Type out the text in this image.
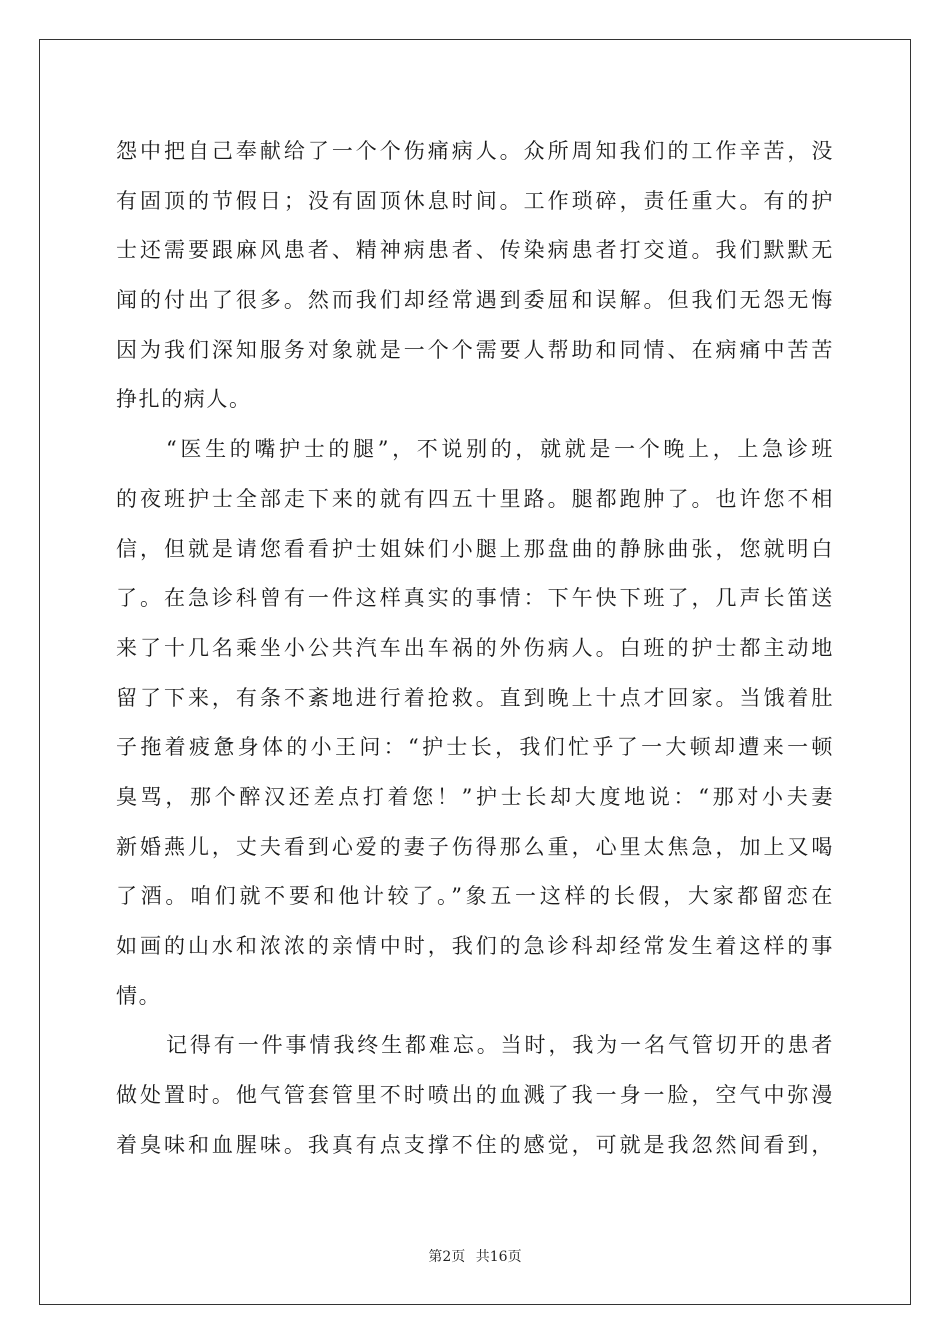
怨中把自己奉献给了一个个伤痛病人。众所周知我们的工作辛苦，没
有固顶的节假日；没有固顶休息时间。工作琐碎，责任重大。有的护
士还需要跟麻风患者、精神病患者、传染病患者打交道。我们默默无
闻的付出了很多。然而我们却经常遇到委屈和误解。但我们无怨无悔
因为我们深知服务对象就是一个个需要人帮助和同情、在病痛中苦苦
挣扎的病人。
“医生的嘴护士的腿”，不说别的，就就是一个晚上，上急诊班
的夜班护士全部走下来的就有四五十里路。腿都跑肿了。也许您不相
信，但就是请您看看护士姐妹们小腿上那盘曲的静脉曲张，您就明白
了。在急诊科曾有一件这样真实的事情：下午快下班了，几声长笛送
来了十几名乘坐小公共汽车出车祸的外伤病人。白班的护士都主动地
留了下来，有条不紊地进行着抢救。直到晚上十点才回家。当饿着肚
子拖着疲惫身体的小王问：“护士长，我们忙乎了一大顿却遭来一顿
臭骂，那个醉汉还差点打着您！”护士长却大度地说：“那对小夫妻
新婚燕儿，丈夫看到心爱的妻子伤得那么重，心里太焦急，加上又喝
了酒。咱们就不要和他计较了。”象五一这样的长假，大家都留恋在
如画的山水和浓浓的亲情中时，我们的急诊科却经常发生着这样的事
情。
记得有一件事情我终生都难忘。当时，我为一名气管切开的患者
做处置时。他气管套管里不时喷出的血溅了我一身一脸，空气中弥漫
着臭味和血腥味。我真有点支撑不住的感觉，可就是我忽然间看到，
第2页 共16页
